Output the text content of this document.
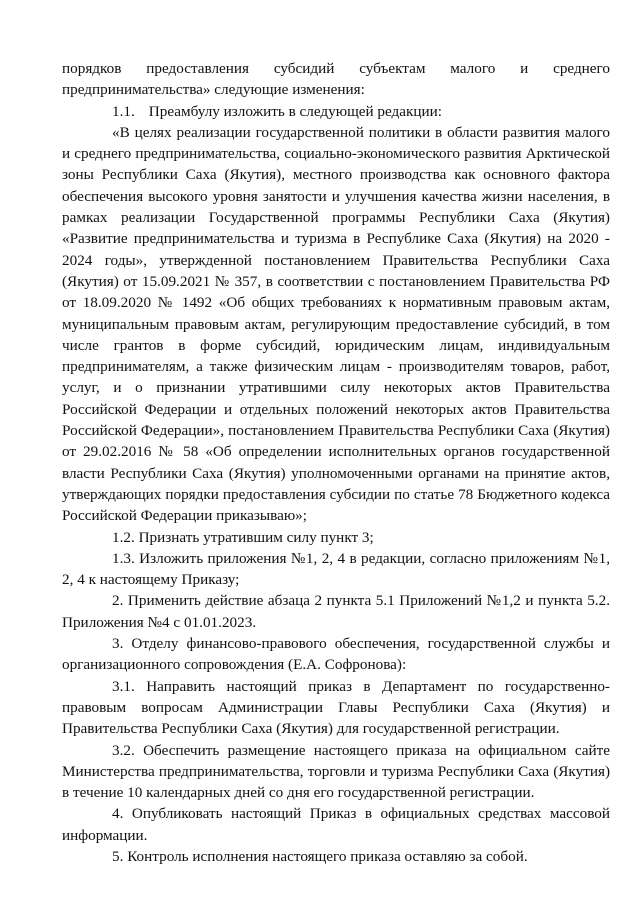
порядков предоставления субсидий субъектам малого и среднего предпринимательства» следующие изменения:

1.1. Преамбулу изложить в следующей редакции:

«В целях реализации государственной политики в области развития малого и среднего предпринимательства, социально-экономического развития Арктической зоны Республики Саха (Якутия), местного производства как основного фактора обеспечения высокого уровня занятости и улучшения качества жизни населения, в рамках реализации Государственной программы Республики Саха (Якутия) «Развитие предпринимательства и туризма в Республике Саха (Якутия) на 2020 - 2024 годы», утвержденной постановлением Правительства Республики Саха (Якутия) от 15.09.2021 № 357, в соответствии с постановлением Правительства РФ от 18.09.2020 № 1492 «Об общих требованиях к нормативным правовым актам, муниципальным правовым актам, регулирующим предоставление субсидий, в том числе грантов в форме субсидий, юридическим лицам, индивидуальным предпринимателям, а также физическим лицам - производителям товаров, работ, услуг, и о признании утратившими силу некоторых актов Правительства Российской Федерации и отдельных положений некоторых актов Правительства Российской Федерации», постановлением Правительства Республики Саха (Якутия) от 29.02.2016 № 58 «Об определении исполнительных органов государственной власти Республики Саха (Якутия) уполномоченными органами на принятие актов, утверждающих порядки предоставления субсидии по статье 78 Бюджетного кодекса Российской Федерации приказываю»;

1.2. Признать утратившим силу пункт 3;

1.3. Изложить приложения №1, 2, 4 в редакции, согласно приложениям №1, 2, 4 к настоящему Приказу;

2. Применить действие абзаца 2 пункта 5.1 Приложений №1,2 и пункта 5.2. Приложения №4 с 01.01.2023.

3. Отделу финансово-правового обеспечения, государственной службы и организационного сопровождения (Е.А. Софронова):

3.1. Направить настоящий приказ в Департамент по государственно-правовым вопросам Администрации Главы Республики Саха (Якутия) и Правительства Республики Саха (Якутия) для государственной регистрации.

3.2. Обеспечить размещение настоящего приказа на официальном сайте Министерства предпринимательства, торговли и туризма Республики Саха (Якутия) в течение 10 календарных дней со дня его государственной регистрации.

4. Опубликовать настоящий Приказ в официальных средствах массовой информации.

5. Контроль исполнения настоящего приказа оставляю за собой.
